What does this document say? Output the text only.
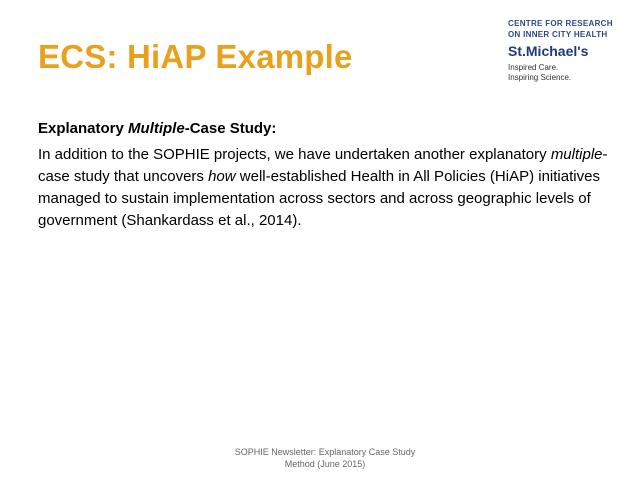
ECS: HiAP Example
CENTRE FOR RESEARCH
ON INNER CITY HEALTH
St.Michael's
Inspired Care.
Inspiring Science.

Explanatory Multiple-Case Study:

In addition to the SOPHIE projects, we have undertaken another explanatory multiple-case study that uncovers how well-established Health in All Policies (HiAP) initiatives managed to sustain implementation across sectors and across geographic levels of government (Shankardass et al., 2014).

SOPHIE Newsletter: Explanatory Case Study
Method (June 2015)
